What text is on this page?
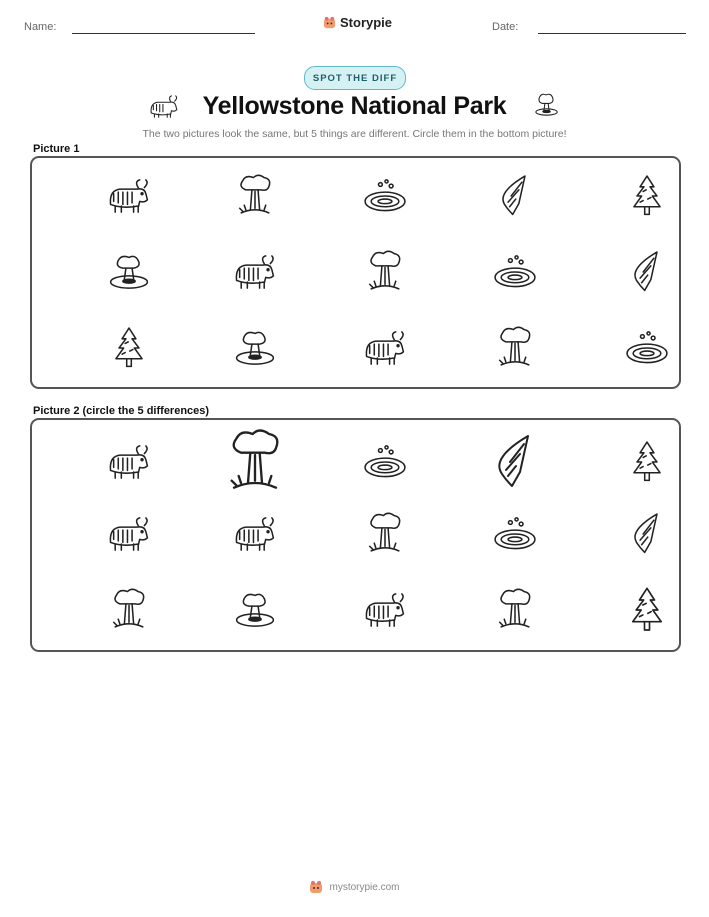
Name:	Storypie	Date:
SPOT THE DIFF
Yellowstone National Park
The two pictures look the same, but 5 things are different. Circle them in the bottom picture!
Picture 1
Picture 2 (circle the 5 differences)
mystorypie.com
